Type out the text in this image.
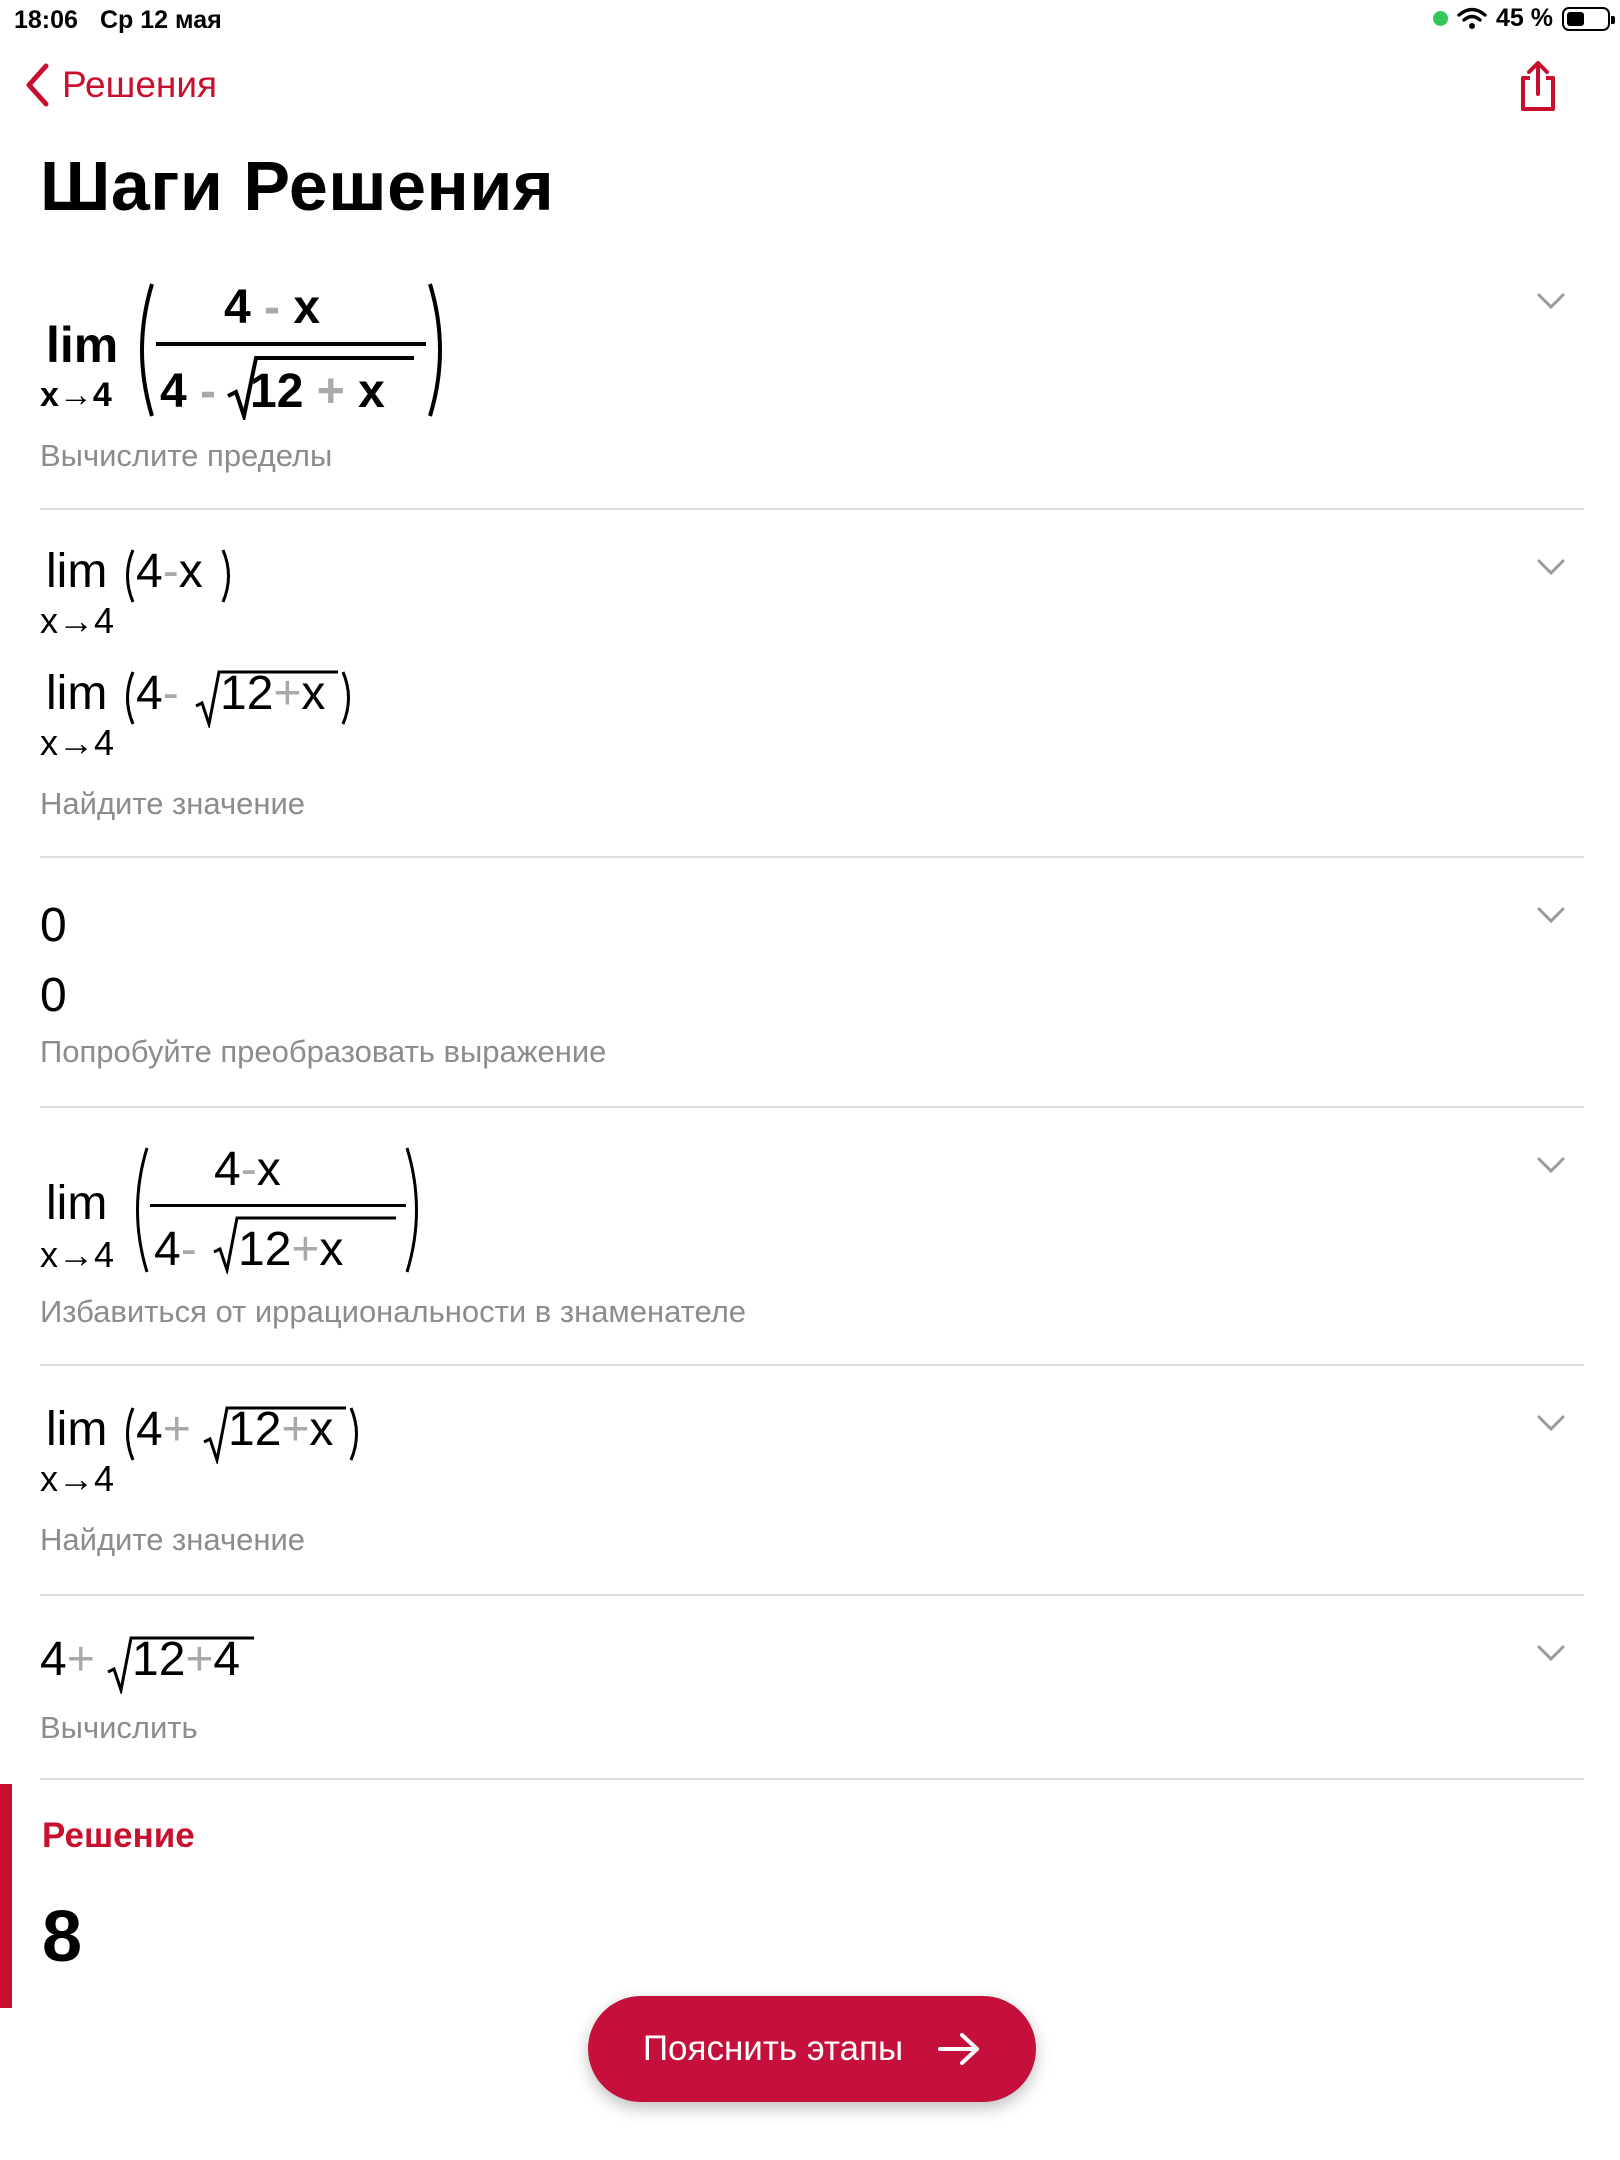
18:06 Ср 12 мая	45 %
Решения
Шаги Решения
lim
x→4
4 - x
4 - 12 + x
Вычислите пределы
lim 4-x
x→4
lim 4- 12+x
x→4
Найдите значение
0
0
Попробуйте преобразовать выражение
lim
x→4
4-x
4- 12+x
Избавиться от иррациональности в знаменателе
lim 4+ 12+x
x→4
Найдите значение
4+ 12+4
Вычислить
Решение
8
Пояснить этапы
